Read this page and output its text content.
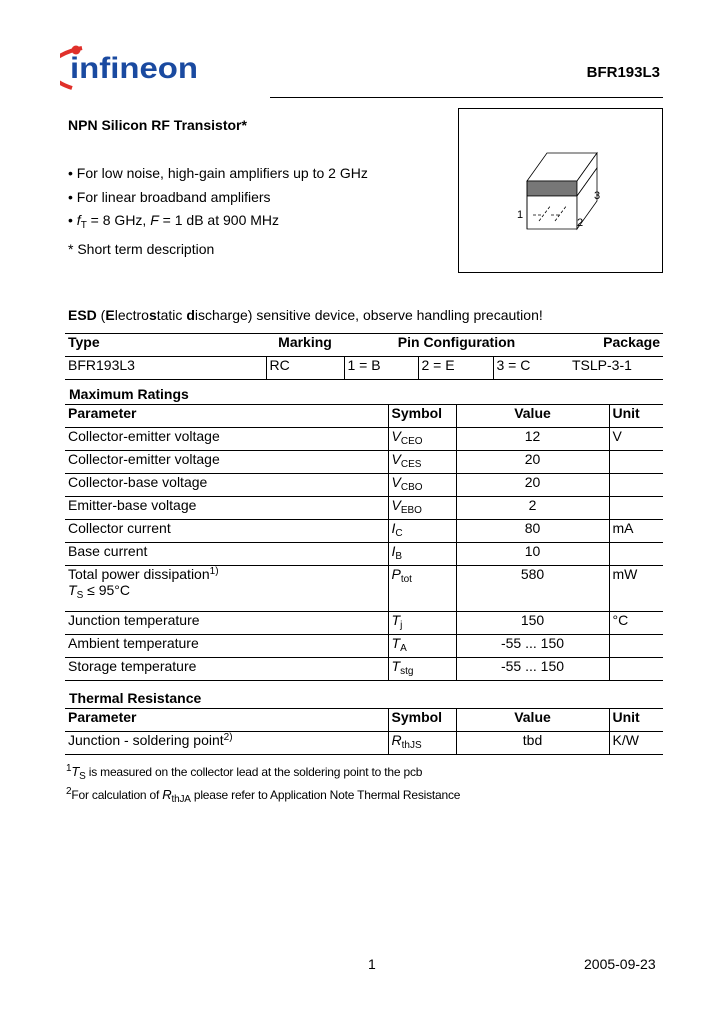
infineon	BFR193L3
NPN Silicon RF Transistor*
• For low noise, high-gain amplifiers up to 2 GHz
• For linear broadband amplifiers
• $f_T = 8$ GHz, F = 1 dB at 900 MHz
* Short term description
1
2
3
ESD (Electrostatic discharge) sensitive device, observe handling precaution!
Type	Marking	Pin Configuration			Package
BFR193L3	RC	1 = B	2 = E	3 = C	TSLP-3-1
Maximum Ratings
Parameter	Symbol	Value	Unit
Collector-emitter voltage	$V_{CEO}$	12	V
Collector-emitter voltage	$V_{CES}$	20	
Collector-base voltage	$V_{CBO}$	20	
Emitter-base voltage	$V_{EBO}$	2	
Collector current	$I_C$	80	mA
Base current	$I_B$	10	
Total power dissipation$^{1)}$
$T_S \le 95^\circ C$	$P_{tot}$	580	mW
Junction temperature	$T_j$	150	°C
Ambient temperature	$T_A$	-55 ... 150	
Storage temperature	$T_{stg}$	-55 ... 150	
Thermal Resistance
Parameter	Symbol	Value	Unit
Junction - soldering point$^{2)}$	$R_{thJS}$	tbd	K/W
$^1T_S$ is measured on the collector lead at the soldering point to the pcb
$^2$For calculation of $R_{thJA}$ please refer to Application Note Thermal Resistance
1	2005-09-23
